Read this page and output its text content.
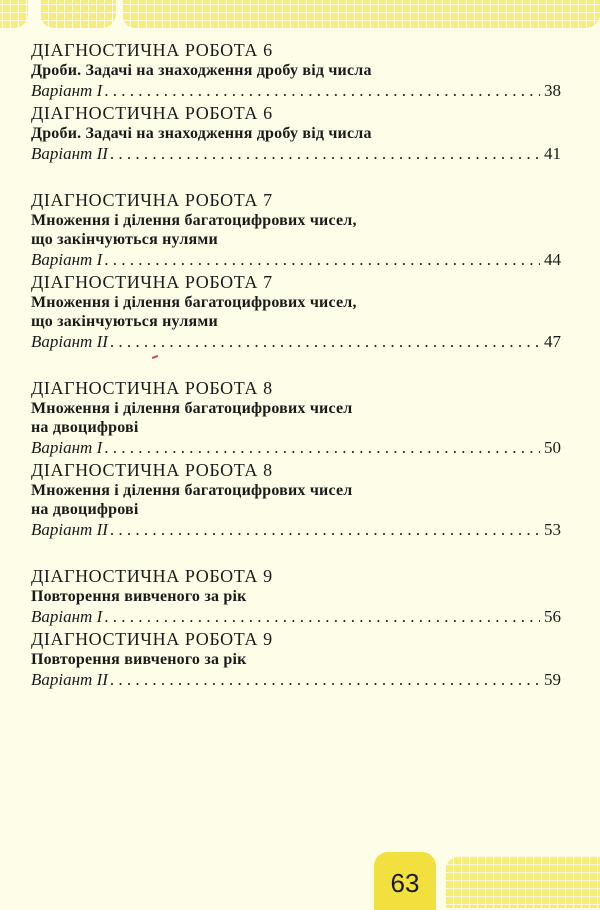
ДІАГНОСТИЧНА РОБОТА 6
Дроби. Задачі на знаходження дробу від числа
Варіант I . . .	38
ДІАГНОСТИЧНА РОБОТА 6
Дроби. Задачі на знаходження дробу від числа
Варіант II . . .	41
ДІАГНОСТИЧНА РОБОТА 7
Множення і ділення багатоцифрових чисел,
що закінчуються нулями
Варіант I . . .	44
ДІАГНОСТИЧНА РОБОТА 7
Множення і ділення багатоцифрових чисел,
що закінчуються нулями
Варіант II . . .	47
ДІАГНОСТИЧНА РОБОТА 8
Множення і ділення багатоцифрових чисел
на двоцифрові
Варіант I . . .	50
ДІАГНОСТИЧНА РОБОТА 8
Множення і ділення багатоцифрових чисел
на двоцифрові
Варіант II . . .	53
ДІАГНОСТИЧНА РОБОТА 9
Повторення вивченого за рік
Варіант I . . .	56
ДІАГНОСТИЧНА РОБОТА 9
Повторення вивченого за рік
Варіант II . . .	59
63
